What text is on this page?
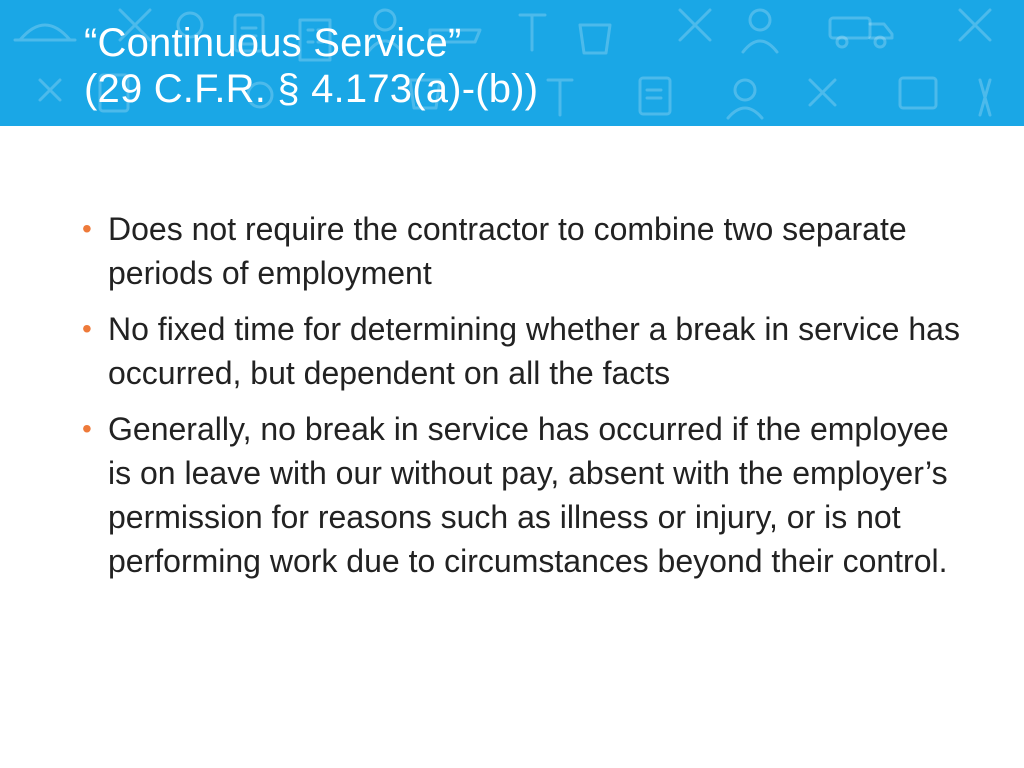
“Continuous Service”
(29 C.F.R. § 4.173(a)-(b))
• Does not require the contractor to combine two separate periods of employment
• No fixed time for determining whether a break in service has occurred, but dependent on all the facts
• Generally, no break in service has occurred if the employee is on leave with our without pay, absent with the employer’s permission for reasons such as illness or injury, or is not performing work due to circumstances beyond their control.
